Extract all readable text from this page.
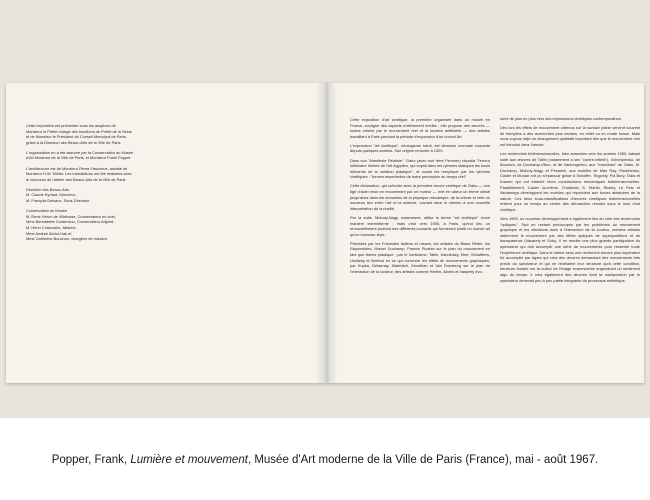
Cette exposition est présentée sous les auspices de
Monsieur le Préfet chargé des fonctions de Préfet de la Seine
et de Monsieur le Président du Conseil Municipal de Paris,
grâce à la Direction des Beaux-Arts de la Ville de Paris
L'organisation en a été assurée par la Conservation du Musée
d'Art Moderne de la Ville de Paris, et Monsieur Frank Popper
L'architecture est de Monsieur Pierre Faucheux, assisté de
Monsieur H.W. Müller. Les installations ont été réalisées avec
le concours de l'atelier des Beaux-Arts de la Ville de Paris
Direction des Beaux-Arts
M. Claude Eyraud, Directeur...
M. François Delsaux, Sous-Directeur
Conservation du Musée
M. René Héron de Villefosse, Conservateur en chef,
Mme Bernadette Contensou, Conservateur Adjoint,
M. Henri Cuisenaire, Attaché,
Mme Andrée Abdul-Hak et
Mme Catherine Bouchon, chargées de mission.

Cette exposition d'art cinétique, la première organisée dans un musée en France, souligne des aspects entièrement inédits ; elle propose des œuvres — toutes créées par le mouvement réel et la lumière artificielle — des artistes travaillant à Paris pendant la période d'expansion d'un nouvel Art

L'expression "art cinétique", néologisme hardi, est devenue monnaie courante depuis quelques années. Son origine remonte à 1920.

Dans son "Manifeste Réaliste", Gabo (avec son frère Pevsner) répudia "l'erreur millénaire héritée de l'art égyptien, qui voyait dans les rythmes statiques les seuls éléments de la création plastique", et voulut les remplacer par les rythmes cinétiques : "formes essentielles de notre perception du temps réel".

Cette déclaration, qui coïncide avec la première œuvre cinétique de Gabo — une tige d'acier mise en mouvement par un moteur — met en valeur un terme utilisé jusqu'alors dans les domaines de la physique mécanique, de la chimie et crée un nouveau lien entre l'art et la science, ouvrant ainsi le chemin à une nouvelle interprétation de la réalité.

Par la suite, Moholy-Nagy, notamment, utilise le terme "art cinétique" d'une manière intermittente ; mais c'est vers 1955, à Paris, qu'eut lieu un renouvellement profond des différents courants qui formeront plutôt un nouvel art qu'un nouveau style.

Précédés par les Futuristes italiens et russes, les artistes du Blaue Reiter, les Rayonnistes, Marcel Duchamp, Francis Picabia sur le plan du mouvement en tant que thème plastique ; par le Vorticisme, Tatlin, Kandinsky, Klee, Schwitters, Lissitzky et Berlewi en ce qui concerne les effets de mouvements graphiques, par Kupka, Delaunay, Malevitch, Mondrian et Van Doesburg sur le plan de l'interaction de la couleur, des artistes comme Herbin, Albers et Vasarely évo-

luent de plus en plus vers des expressions cinétiques contemporaines.

Dès lors les effets de mouvement obtenus sur la surface plane servent souvent de tremplins à des recherches plus hardies, en relief ou en ronde bosse. Mais nous voyons déjà un changement qualitatif important dès que le mouvement réel est introduit dans l'œuvre.

Les recherches tridimensionnelles, bien avancées vers les années 1950, faisant suite aux œuvres de Tatlin (notamment à ses "contre-reliefs"), d'Archipenko, de Boccioni, de Duchamp-Villon, et de Vantongerloo, aux "machines" de Gabo, M. Duchamp, Moholy-Nagy, et Pesanek, aux mobiles de Man Ray, Rodchenko, Calder et Munari ont pu s'épanouir grâce à Schoffer, Tinguely, Pol Bury, Takis et Kramer qui ont élaboré leurs constructions mécaniques tridimensionnelles. Parallèlement, Calder lui-même, Chadwick, K. Martin, Rickey, Le Parc et Vardanega développent les mobiles qui répondent aux forces aléatoires de la nature. Ces deux sous-classifications d'œuvres cinétiques tridimensionnelles restent pour un temps au centre des démarches réunies sous le nom d'art cinétique.

Vers 1955, un nouveau développement a également lieu du côté des recherches "optiques". Tout en restant préoccupés par les problèmes du mouvement graphique et les vibrations dues à l'interaction de la couleur, certains artistes obtiennent le mouvement par des effets optiques de superpositions et de transparence (Vasarely et Soto). Il en résulte une plus grande participation du spectateur qui doit accomplir une série de mouvements pour ressentir toute l'expérience cinétique. Dans le même sens une recherche encore plus impérative fut accomplie par Agam qui créa des œuvres demandant des mouvements très précis du spectateur et qui ne révèlaient leur structure qu'à cette condition, structure fondée sur la notion de l'image évanescente engendrant un sentiment aigu du temps. Il créa également des œuvres dont la manipulation par le spectateur devenait peu à peu partie intégrante du processus esthétique.

Popper, Frank, Lumière et mouvement, Musée d'Art moderne de la Ville de Paris (France), mai - août 1967.
